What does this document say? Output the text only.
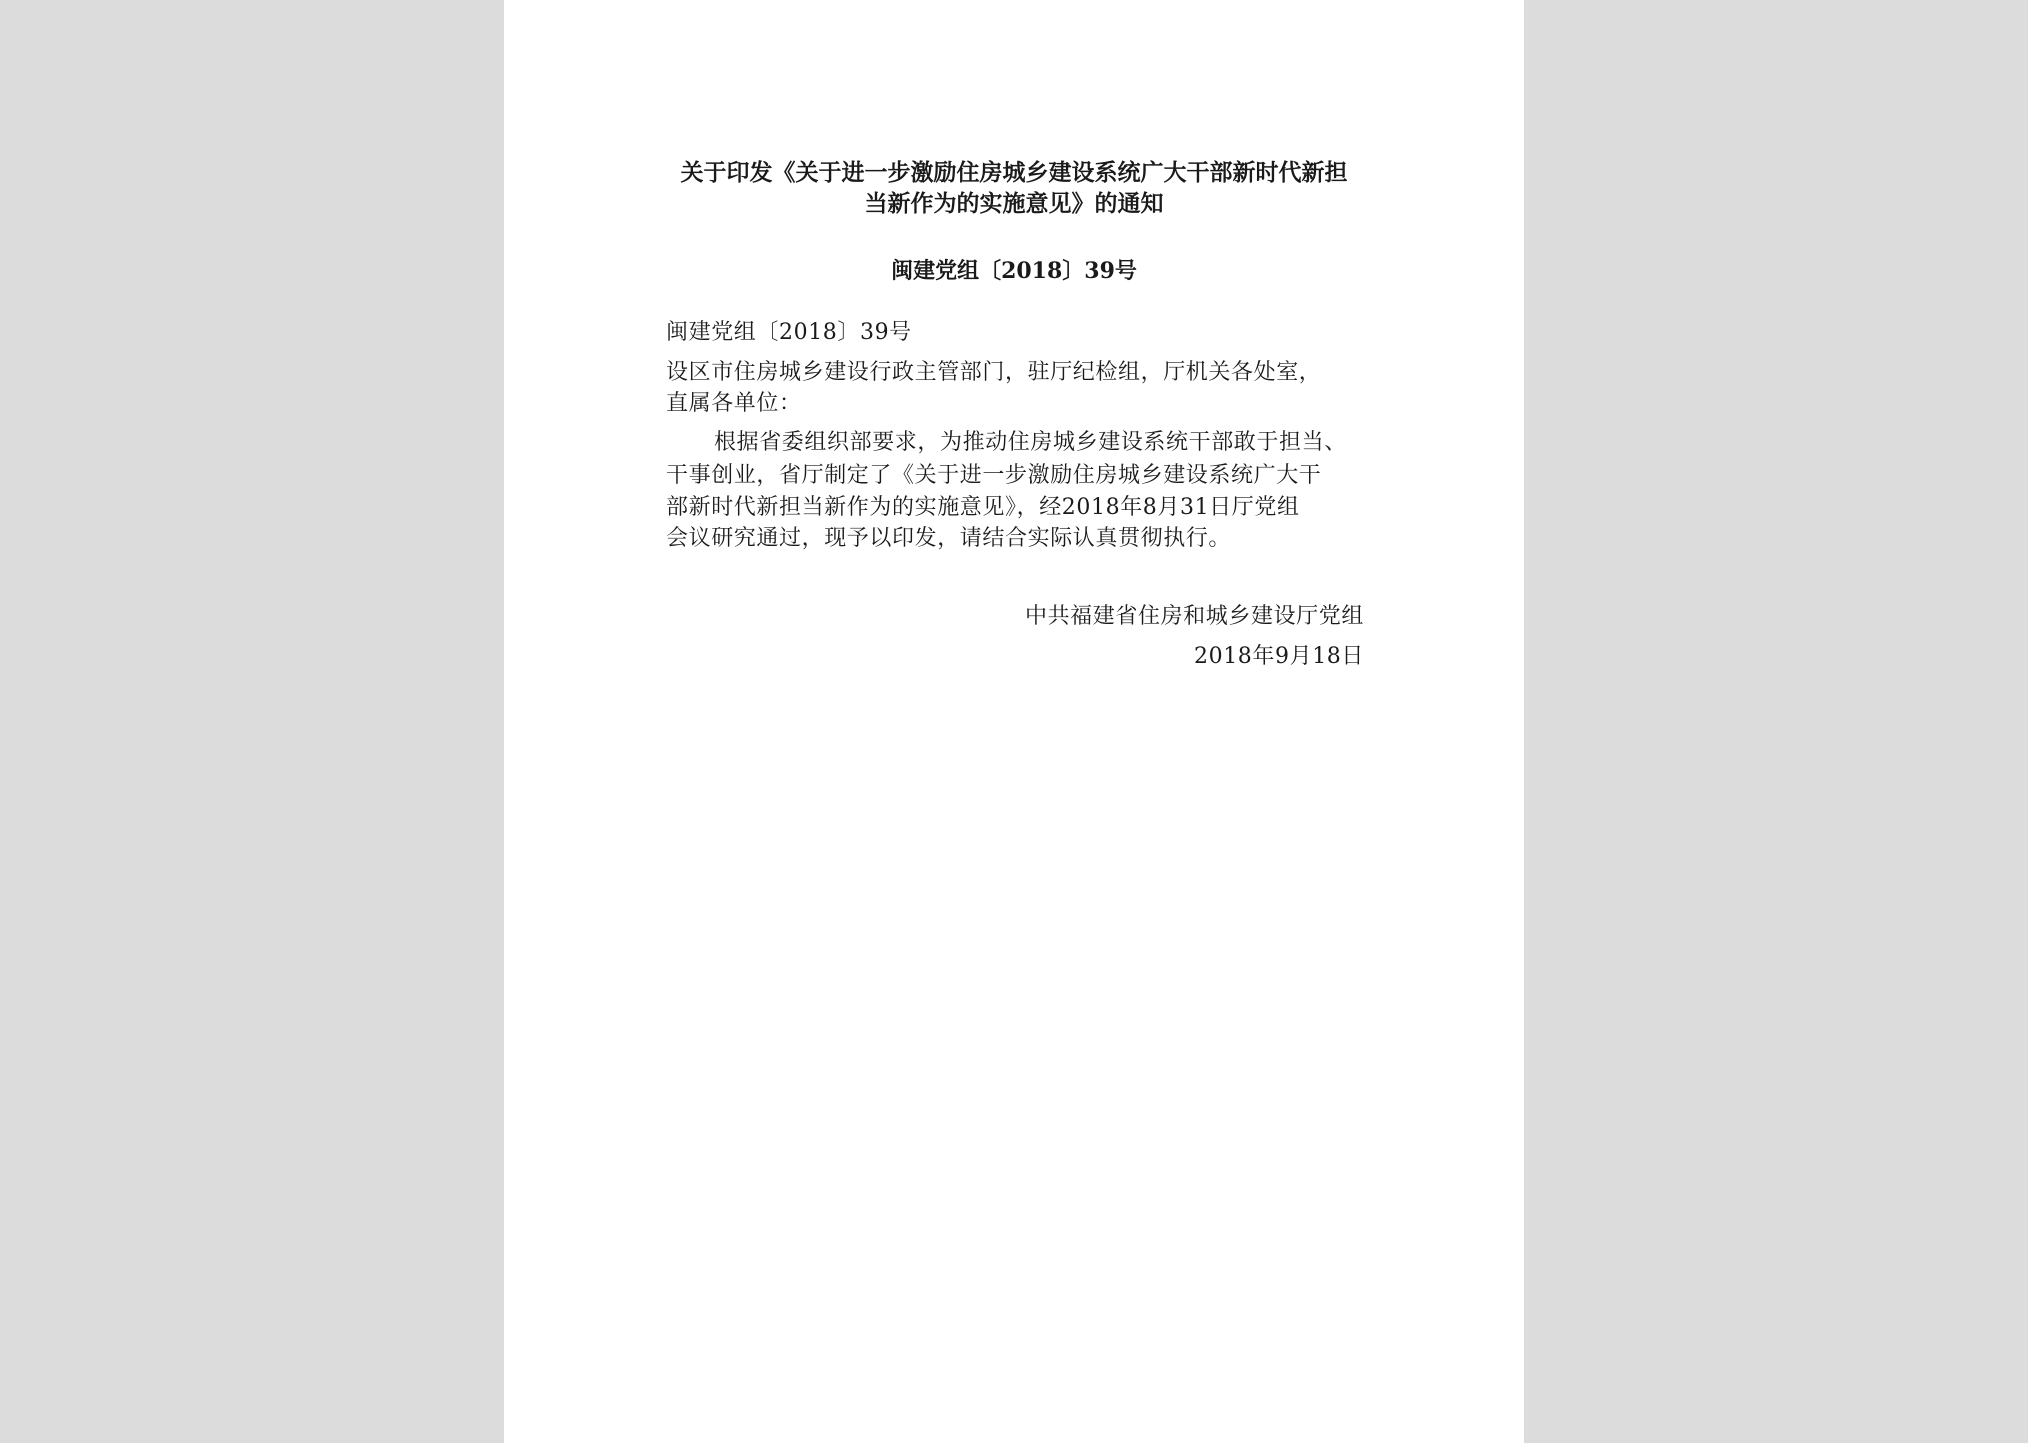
关于印发《关于进一步激励住房城乡建设系统广大干部新时代新担
当新作为的实施意见》的通知
闽建党组〔2018〕39号
闽建党组〔2018〕39号
设区市住房城乡建设行政主管部门，驻厅纪检组，厅机关各处室，
直属各单位：
根据省委组织部要求，为推动住房城乡建设系统干部敢于担当、
干事创业，省厅制定了《关于进一步激励住房城乡建设系统广大干
部新时代新担当新作为的实施意见》，经2018年8月31日厅党组
会议研究通过，现予以印发，请结合实际认真贯彻执行。
中共福建省住房和城乡建设厅党组
2018年9月18日
